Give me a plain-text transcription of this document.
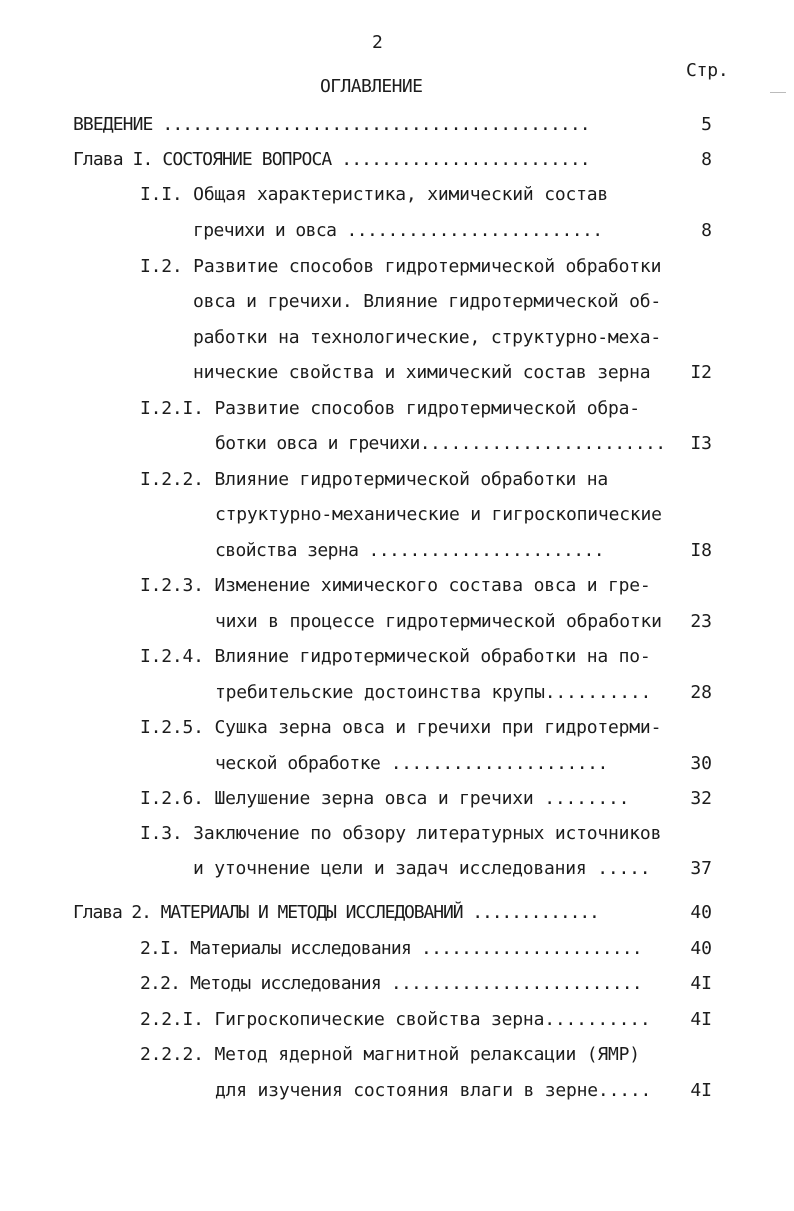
2
ОГЛАВЛЕНИЕ
Стр.
ВВЕДЕНИЕ ...........................................	5
Глава I. СОСТОЯНИЕ ВОПРОСА .........................	8
I.I. Общая характеристика, химический состав
гречихи и овса .........................	8
I.2. Развитие способов гидротермической обработки
овса и гречихи. Влияние гидротермической об-
работки на технологические, структурно-меха-
нические свойства и химический состав зерна	I2
I.2.I. Развитие способов гидротермической обра-
ботки овса и гречихи........................	I3
I.2.2. Влияние гидротермической обработки на
структурно-механические и гигроскопические
свойства зерна .......................	I8
I.2.3. Изменение химического состава овса и гре-
чихи в процессе гидротермической обработки	23
I.2.4. Влияние гидротермической обработки на по-
требительские достоинства крупы..........	28
I.2.5. Сушка зерна овса и гречихи при гидротерми-
ческой обработке .....................	30
I.2.6. Шелушение зерна овса и гречихи ........	32
I.3. Заключение по обзору литературных источников
и уточнение цели и задач исследования .....	37
Глава 2. МАТЕРИАЛЫ И МЕТОДЫ ИССЛЕДОВАНИЙ .............	40
2.I. Материалы исследования ......................	40
2.2. Методы исследования .........................	4I
2.2.I. Гигроскопические свойства зерна..........	4I
2.2.2. Метод ядерной магнитной релаксации (ЯМР)
для изучения состояния влаги в зерне.....	4I
